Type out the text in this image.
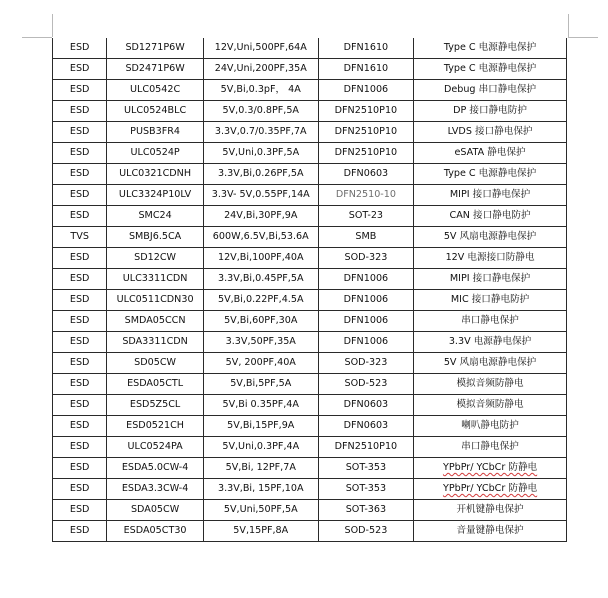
ESD	SD1271P6W	12V,Uni,500PF,64A	DFN1610	Type C 电源静电保护
ESD	SD2471P6W	24V,Uni,200PF,35A	DFN1610	Type C 电源静电保护
ESD	ULC0542C	5V,Bi,0.3pF， 4A	DFN1006	Debug 串口静电保护
ESD	ULC0524BLC	5V,0.3/0.8PF,5A	DFN2510P10	DP 接口静电防护
ESD	PUSB3FR4	3.3V,0.7/0.35PF,7A	DFN2510P10	LVDS 接口静电保护
ESD	ULC0524P	5V,Uni,0.3PF,5A	DFN2510P10	eSATA 静电保护
ESD	ULC0321CDNH	3.3V,Bi,0.26PF,5A	DFN0603	Type C 电源静电保护
ESD	ULC3324P10LV	3.3V- 5V,0.55PF,14A	DFN2510-10	MIPI 接口静电保护
ESD	SMC24	24V,Bi,30PF,9A	SOT-23	CAN 接口静电防护
TVS	SMBJ6.5CA	600W,6.5V,Bi,53.6A	SMB	5V 风扇电源静电保护
ESD	SD12CW	12V,Bi,100PF,40A	SOD-323	12V 电源接口防静电
ESD	ULC3311CDN	3.3V,Bi,0.45PF,5A	DFN1006	MIPI 接口静电保护
ESD	ULC0511CDN30	5V,Bi,0.22PF,4.5A	DFN1006	MIC 接口静电防护
ESD	SMDA05CCN	5V,Bi,60PF,30A	DFN1006	串口静电保护
ESD	SDA3311CDN	3.3V,50PF,35A	DFN1006	3.3V 电源静电保护
ESD	SD05CW	5V, 200PF,40A	SOD-323	5V 风扇电源静电保护
ESD	ESDA05CTL	5V,Bi,5PF,5A	SOD-523	模拟音频防静电
ESD	ESD5Z5CL	5V,Bi 0.35PF,4A	DFN0603	模拟音频防静电
ESD	ESD0521CH	5V,Bi,15PF,9A	DFN0603	喇叭静电防护
ESD	ULC0524PA	5V,Uni,0.3PF,4A	DFN2510P10	串口静电保护
ESD	ESDA5.0CW-4	5V,Bi, 12PF,7A	SOT-353	YPbPr/ YCbCr 防静电
ESD	ESDA3.3CW-4	3.3V,Bi, 15PF,10A	SOT-353	YPbPr/ YCbCr 防静电
ESD	SDA05CW	5V,Uni,50PF,5A	SOT-363	开机键静电保护
ESD	ESDA05CT30	5V,15PF,8A	SOD-523	音量键静电保护
